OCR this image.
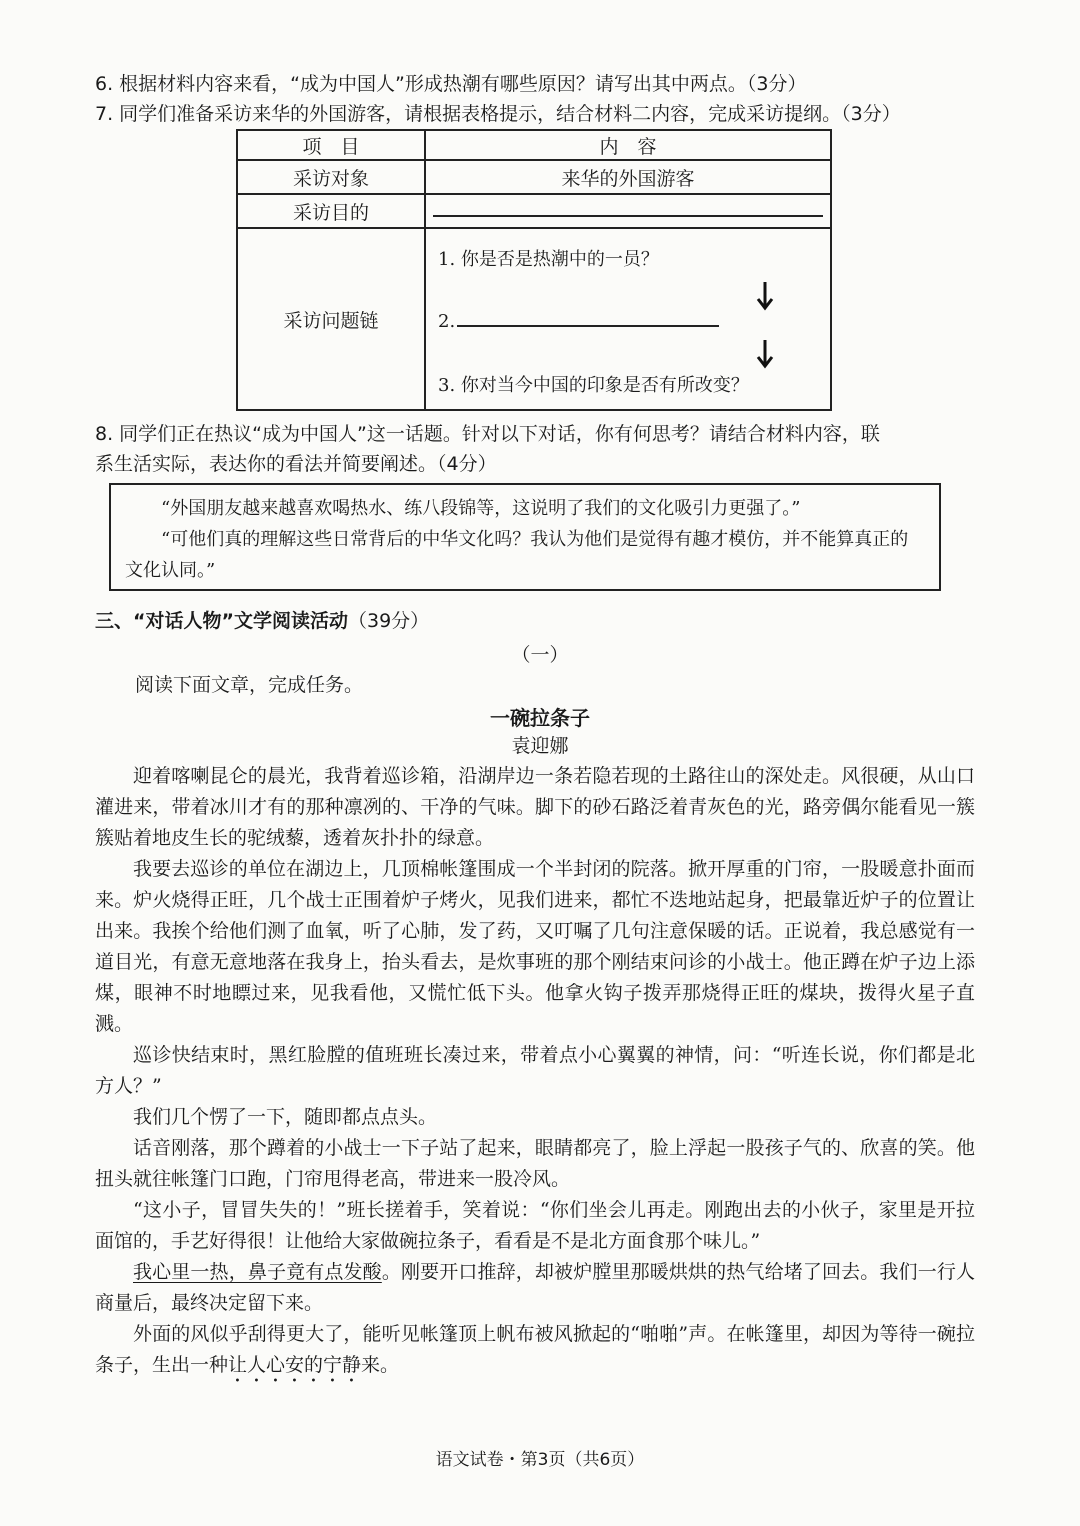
6. 根据材料内容来看，“成为中国人”形成热潮有哪些原因？请写出其中两点。（3分）
7. 同学们准备采访来华的外国游客，请根据表格提示，结合材料二内容，完成采访提纲。（3分）
项　目	内　容
采访对象	来华的外国游客
采访目的	
采访问题链	1. 你是否是热潮中的一员？
2.
3. 你对当今中国的印象是否有所改变？
8. 同学们正在热议“成为中国人”这一话题。针对以下对话，你有何思考？请结合材料内容，联
系生活实际，表达你的看法并简要阐述。（4分）

“外国朋友越来越喜欢喝热水、练八段锦等，这说明了我们的文化吸引力更强了。”

“可他们真的理解这些日常背后的中华文化吗？我认为他们是觉得有趣才模仿，并不能算真正的文化认同。”

三、“对话人物”文学阅读活动（39分）
（一）
阅读下面文章，完成任务。
一碗拉条子
袁迎娜
迎着喀喇昆仑的晨光，我背着巡诊箱，沿湖岸边一条若隐若现的土路往山的深处走。风很硬，从山口灌进来，带着冰川才有的那种凛冽的、干净的气味。脚下的砂石路泛着青灰色的光，路旁偶尔能看见一簇簇贴着地皮生长的驼绒藜，透着灰扑扑的绿意。
我要去巡诊的单位在湖边上，几顶棉帐篷围成一个半封闭的院落。掀开厚重的门帘，一股暖意扑面而来。炉火烧得正旺，几个战士正围着炉子烤火，见我们进来，都忙不迭地站起身，把最靠近炉子的位置让出来。我挨个给他们测了血氧，听了心肺，发了药，又叮嘱了几句注意保暖的话。正说着，我总感觉有一道目光，有意无意地落在我身上，抬头看去，是炊事班的那个刚结束问诊的小战士。他正蹲在炉子边上添煤，眼神不时地瞟过来，见我看他，又慌忙低下头。他拿火钩子拨弄那烧得正旺的煤块，拨得火星子直溅。
巡诊快结束时，黑红脸膛的值班班长凑过来，带着点小心翼翼的神情，问：“听连长说，你们都是北方人？”
我们几个愣了一下，随即都点点头。
话音刚落，那个蹲着的小战士一下子站了起来，眼睛都亮了，脸上浮起一股孩子气的、欣喜的笑。他扭头就往帐篷门口跑，门帘甩得老高，带进来一股冷风。
“这小子，冒冒失失的！”班长搓着手，笑着说：“你们坐会儿再走。刚跑出去的小伙子，家里是开拉面馆的，手艺好得很！让他给大家做碗拉条子，看看是不是北方面食那个味儿。”
我心里一热，鼻子竟有点发酸。刚要开口推辞，却被炉膛里那暖烘烘的热气给堵了回去。我们一行人商量后，最终决定留下来。
外面的风似乎刮得更大了，能听见帐篷顶上帆布被风掀起的“啪啪”声。在帐篷里，却因为等待一碗拉条子，生出一种让人心安的宁静来。
语文试卷・第3页（共6页）
